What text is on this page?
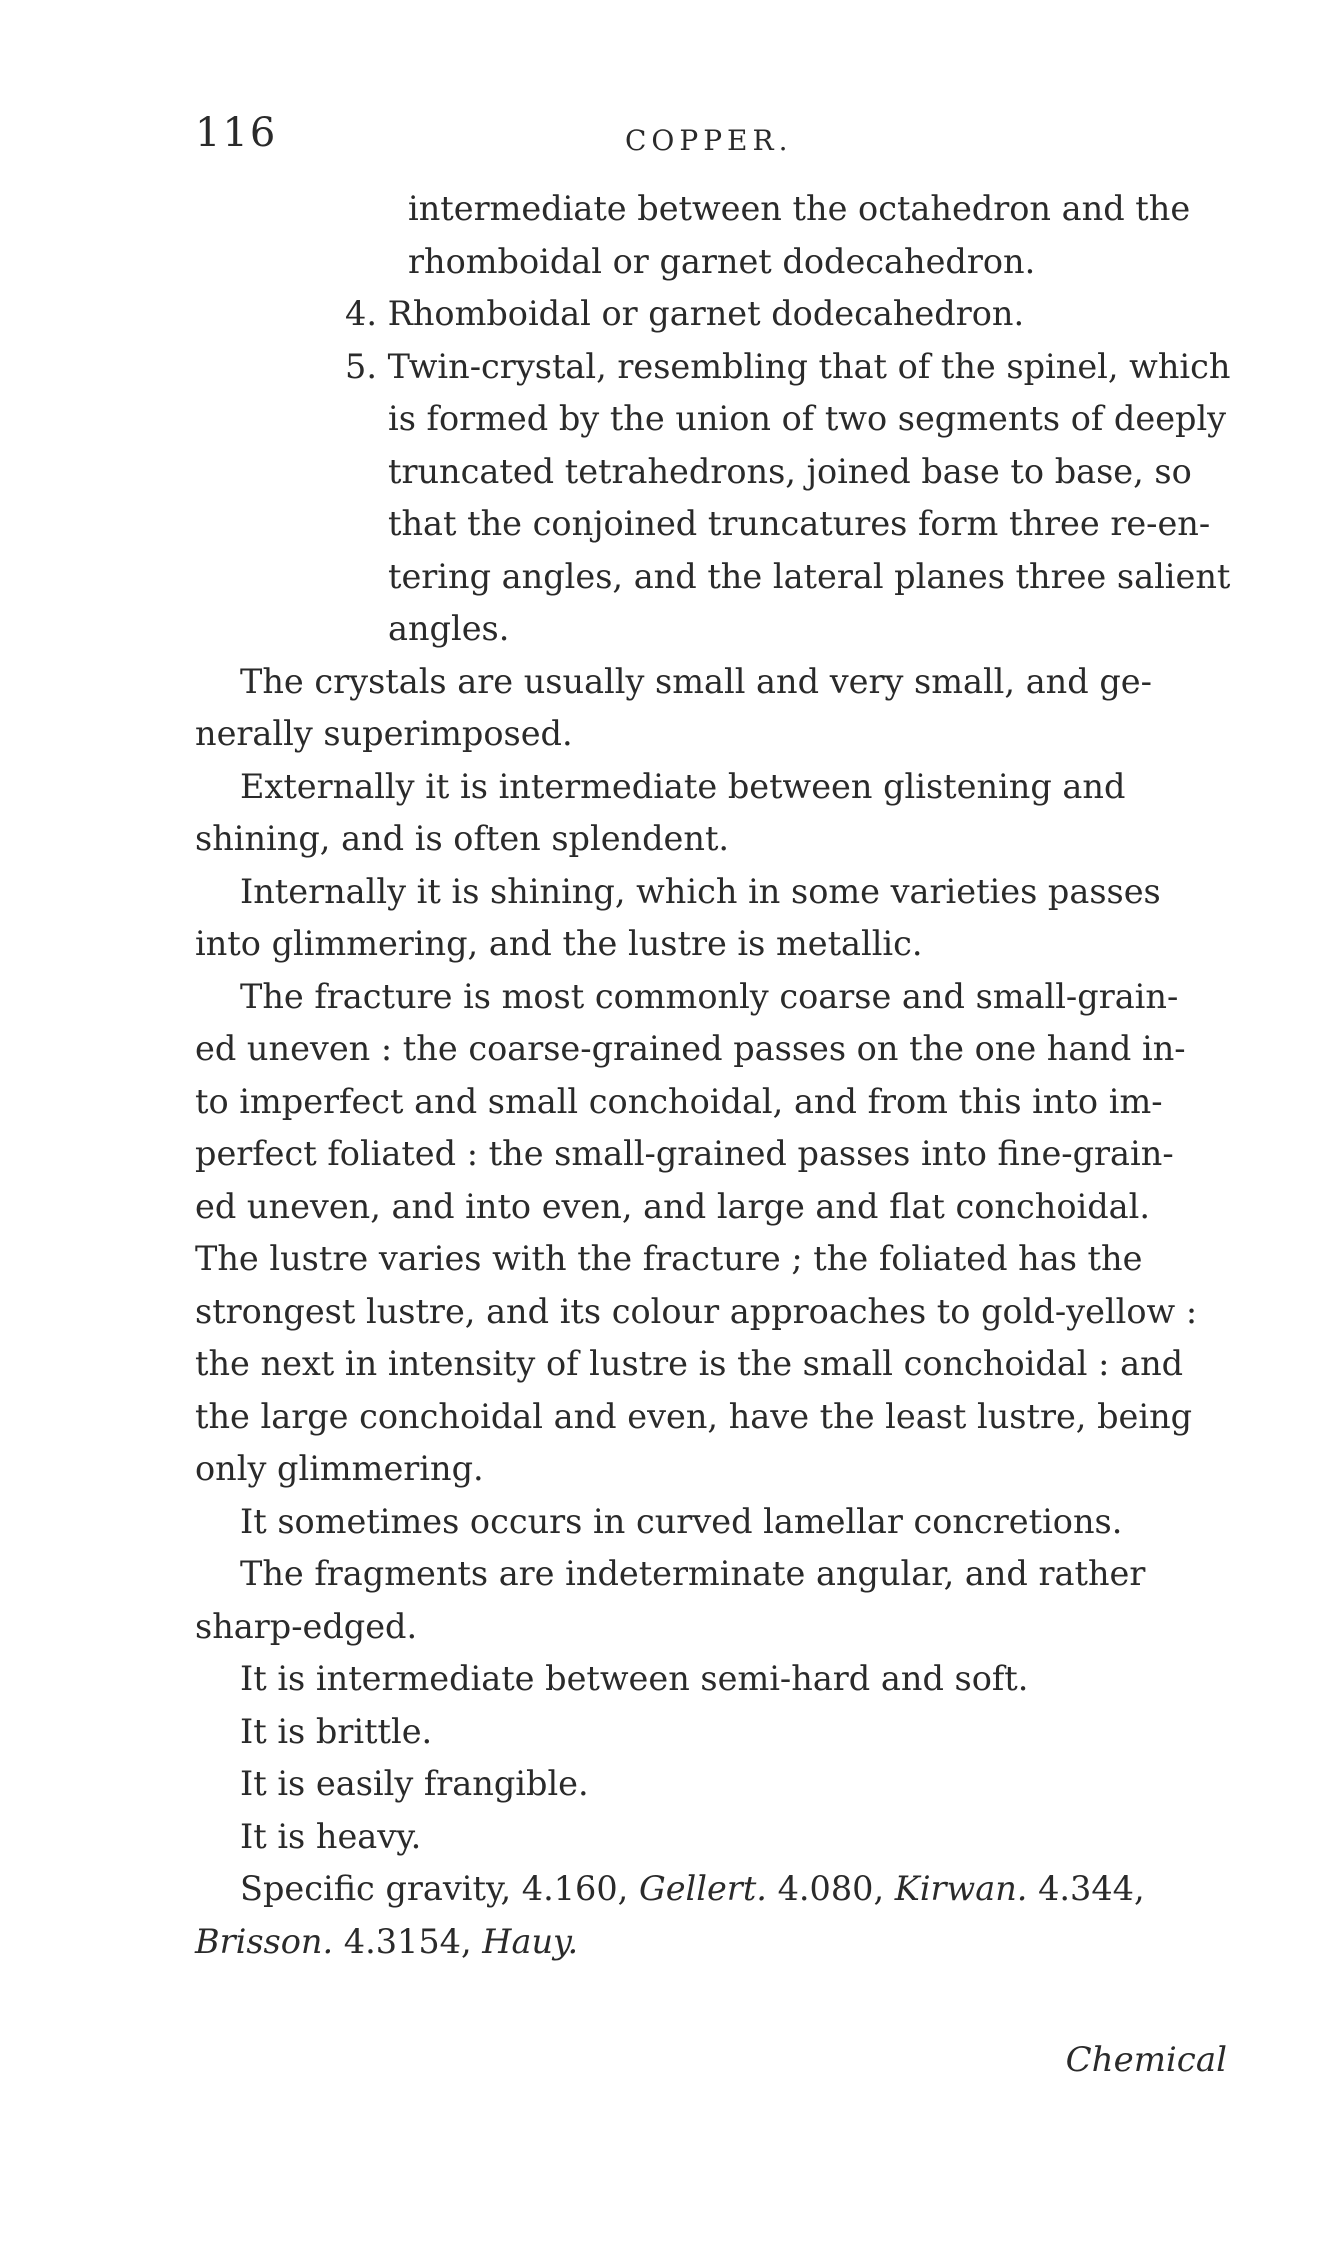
116	COPPER.
intermediate between the octahedron and the
rhomboidal or garnet dodecahedron.
4. Rhomboidal or garnet dodecahedron.
5. Twin-crystal, resembling that of the spinel, which
is formed by the union of two segments of deeply
truncated tetrahedrons, joined base to base, so
that the conjoined truncatures form three re-en-
tering angles, and the lateral planes three salient
angles.
The crystals are usually small and very small, and ge-
nerally superimposed.
Externally it is intermediate between glistening and
shining, and is often splendent.
Internally it is shining, which in some varieties passes
into glimmering, and the lustre is metallic.
The fracture is most commonly coarse and small-grain-
ed uneven : the coarse-grained passes on the one hand in-
to imperfect and small conchoidal, and from this into im-
perfect foliated : the small-grained passes into fine-grain-
ed uneven, and into even, and large and flat conchoidal.
The lustre varies with the fracture ; the foliated has the
strongest lustre, and its colour approaches to gold-yellow :
the next in intensity of lustre is the small conchoidal : and
the large conchoidal and even, have the least lustre, being
only glimmering.
It sometimes occurs in curved lamellar concretions.
The fragments are indeterminate angular, and rather
sharp-edged.
It is intermediate between semi-hard and soft.
It is brittle.
It is easily frangible.
It is heavy.
Specific gravity, 4.160, Gellert. 4.080, Kirwan. 4.344,
Brisson. 4.3154, Hauy.
Chemical
